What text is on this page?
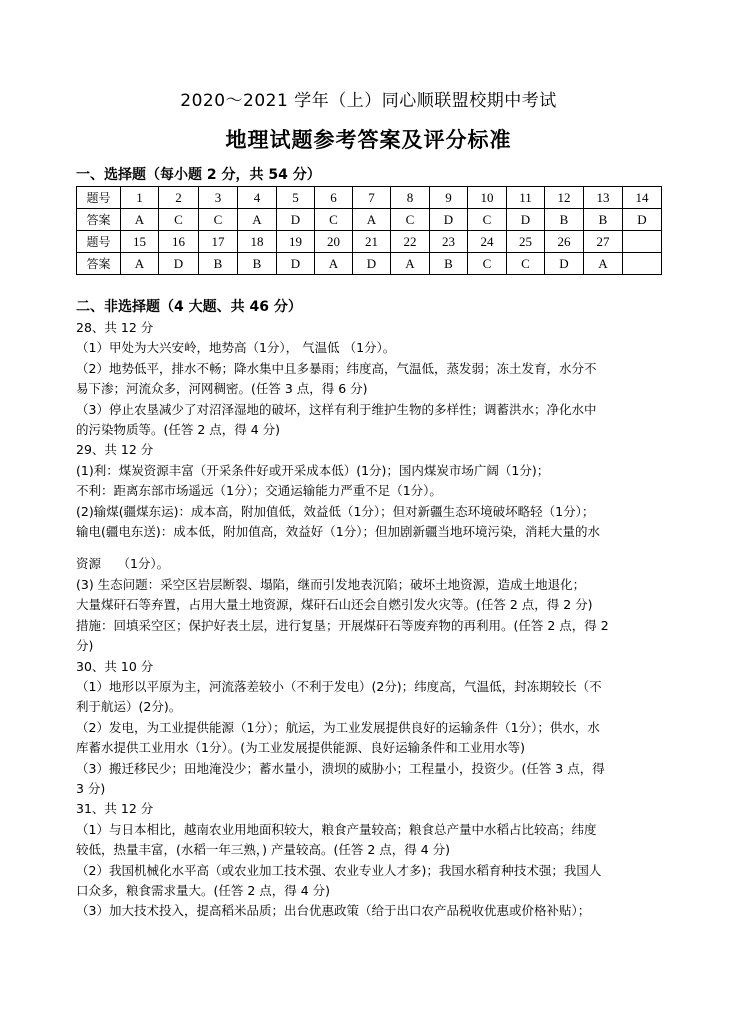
2020～2021 学年（上）同心顺联盟校期中考试
地理试题参考答案及评分标准
一、选择题（每小题 2 分，共 54 分）
题号	1	2	3	4	5	6	7	8	9	10	11	12	13	14
答案	A	C	C	A	D	C	A	C	D	C	D	B	B	D
题号	15	16	17	18	19	20	21	22	23	24	25	26	27	
答案	A	D	B	B	D	A	D	A	B	C	C	D	A	
二、非选择题（4 大题、共 46 分）

28、共 12 分

（1）甲处为大兴安岭，地势高（1分）， 气温低 （1分）。

（2）地势低平，排水不畅；降水集中且多暴雨；纬度高，气温低，蒸发弱；冻土发育，水分不

易下渗；河流众多，河网稠密。(任答 3 点，得 6 分)

（3）停止农垦减少了对沼泽湿地的破坏，这样有利于维护生物的多样性；调蓄洪水；净化水中

的污染物质等。(任答 2 点，得 4 分)

29、共 12 分

(1)利：煤炭资源丰富（开采条件好或开采成本低）(1分)；国内煤炭市场广阔（1分)；

不利：距离东部市场遥远（1分）；交通运输能力严重不足（1分）。

(2)输煤(疆煤东运)：成本高，附加值低，效益低（1分）；但对新疆生态环境破坏略轻（1分）；

输电(疆电东送)：成本低，附加值高，效益好（1分）；但加剧新疆当地环境污染，消耗大量的水

资源　 （1分）。

(3) 生态问题：采空区岩层断裂、塌陷，继而引发地表沉陷；破坏土地资源，造成土地退化；

大量煤矸石等弃置，占用大量土地资源，煤矸石山还会自燃引发火灾等。(任答 2 点，得 2 分)

措施：回填采空区；保护好表土层，进行复垦；开展煤矸石等废弃物的再利用。(任答 2 点，得 2

分)

30、共 10 分

（1）地形以平原为主，河流落差较小（不利于发电）(2分)；纬度高，气温低，封冻期较长（不

利于航运）(2分)。

（2）发电，为工业提供能源（1分）；航运，为工业发展提供良好的运输条件（1分）；供水，水

库蓄水提供工业用水（1分）。(为工业发展提供能源、良好运输条件和工业用水等)

（3）搬迁移民少；田地淹没少；蓄水量小，溃坝的威胁小；工程量小，投资少。(任答 3 点，得

3 分)

31、共 12 分

（1）与日本相比，越南农业用地面积较大，粮食产量较高；粮食总产量中水稻占比较高；纬度

较低，热量丰富，(水稻一年三熟，) 产量较高。(任答 2 点，得 4 分)

（2）我国机械化水平高（或农业加工技术强、农业专业人才多)；我国水稻育种技术强；我国人

口众多，粮食需求量大。(任答 2 点，得 4 分)

（3）加大技术投入，提高稻米品质；出台优惠政策（给于出口农产品税收优惠或价格补贴）；
